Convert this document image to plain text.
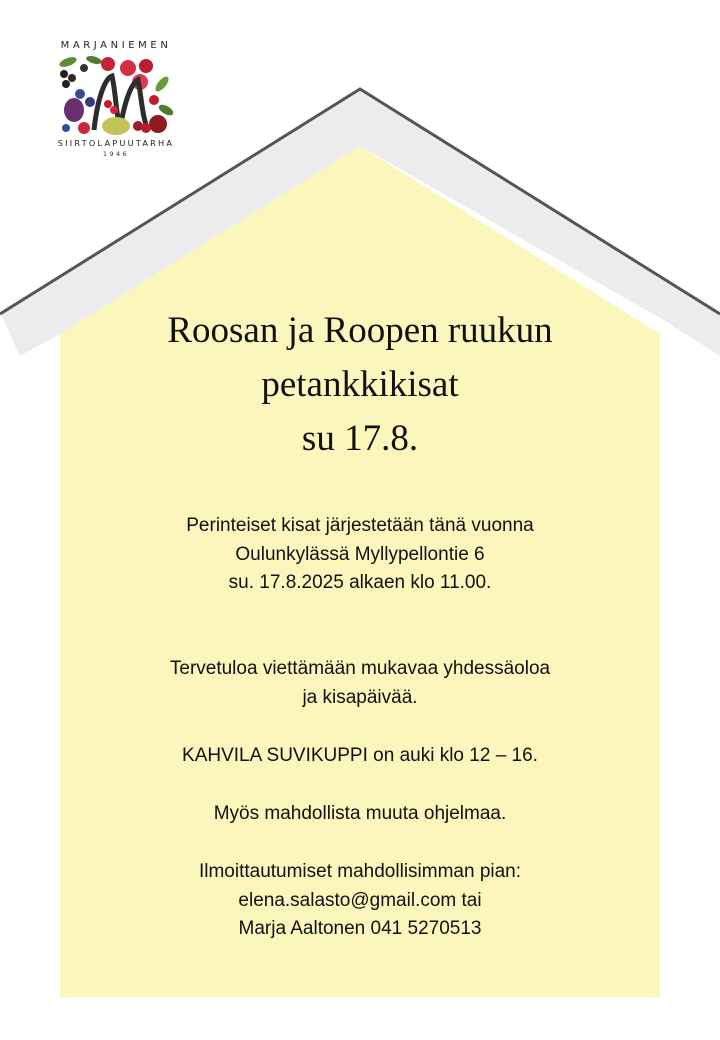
MARJANIEMEN
SIIRTOLAPUUTARHA
1946
Roosan ja Roopen ruukun
petankkikisat
su 17.8.
Perinteiset kisat järjestetään tänä vuonna
Oulunkylässä Myllypellontie 6
su. 17.8.2025 alkaen klo 11.00.
Tervetuloa viettämään mukavaa yhdessäoloa
ja kisapäivää.
KAHVILA SUVIKUPPI on auki klo 12 – 16.
Myös mahdollista muuta ohjelmaa.
Ilmoittautumiset mahdollisimman pian:
elena.salasto@gmail.com tai
Marja Aaltonen 041 5270513
